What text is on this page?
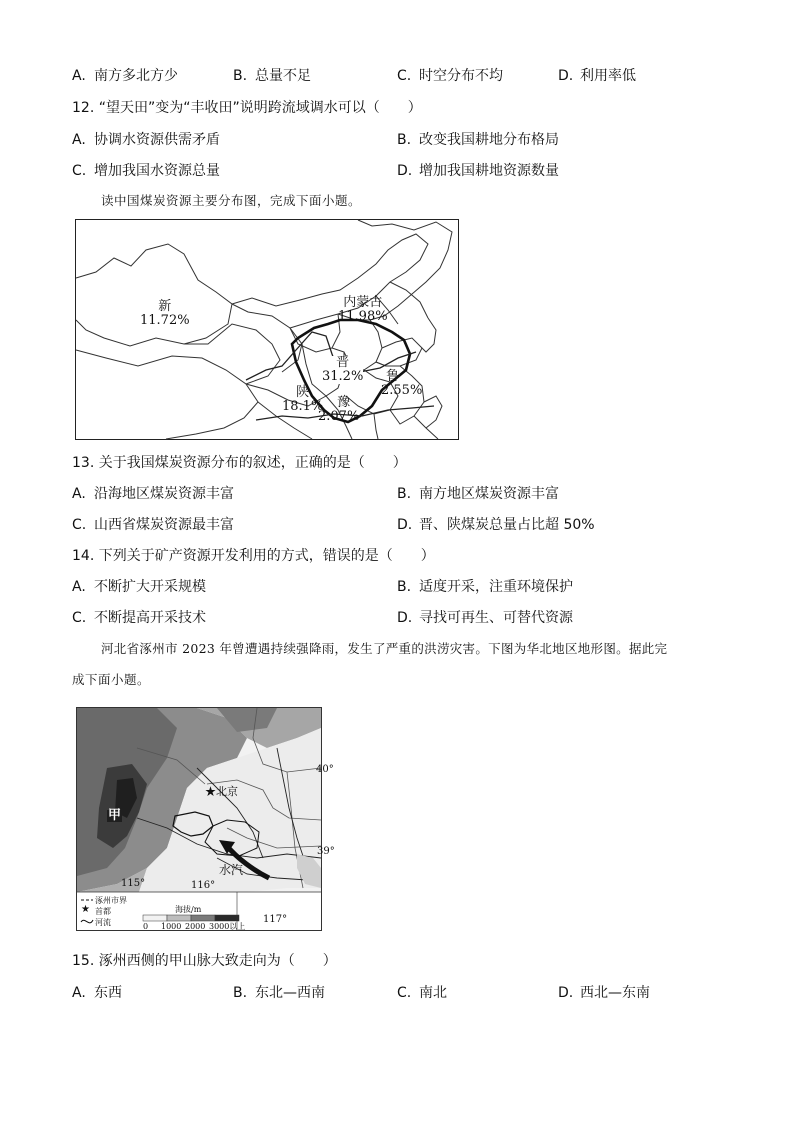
A. 南方多北方少	B. 总量不足	C. 时空分布不均	D. 利用率低
12. “望天田”变为“丰收田”说明跨流域调水可以（　　）
A. 协调水资源供需矛盾	B. 改变我国耕地分布格局
C. 增加我国水资源总量	D. 增加我国耕地资源数量
读中国煤炭资源主要分布图，完成下面小题。
新
11.72%
内蒙古
11.98%
晋
31.2%	鲁
2.55%
陕
18.1%	豫
2.07%
13. 关于我国煤炭资源分布的叙述，正确的是（　　）
A. 沿海地区煤炭资源丰富	B. 南方地区煤炭资源丰富
C. 山西省煤炭资源最丰富	D. 晋、陕煤炭总量占比超 50%
14. 下列关于矿产资源开发利用的方式，错误的是（　　）
A. 不断扩大开采规模	B. 适度开采，注重环境保护
C. 不断提高开采技术	D. 寻找可再生、可替代资源
河北省涿州市 2023 年曾遭遇持续强降雨，发生了严重的洪涝灾害。下图为华北地区地形图。据此完
成下面小题。
40°
39°
115°	116°
117°
★北京
甲
水汽
涿州市界
★ 首都
河流
海拔/m
0 1000 2000 3000以上
15. 涿州西侧的甲山脉大致走向为（　　）
A. 东西	B. 东北—西南	C. 南北	D. 西北—东南
